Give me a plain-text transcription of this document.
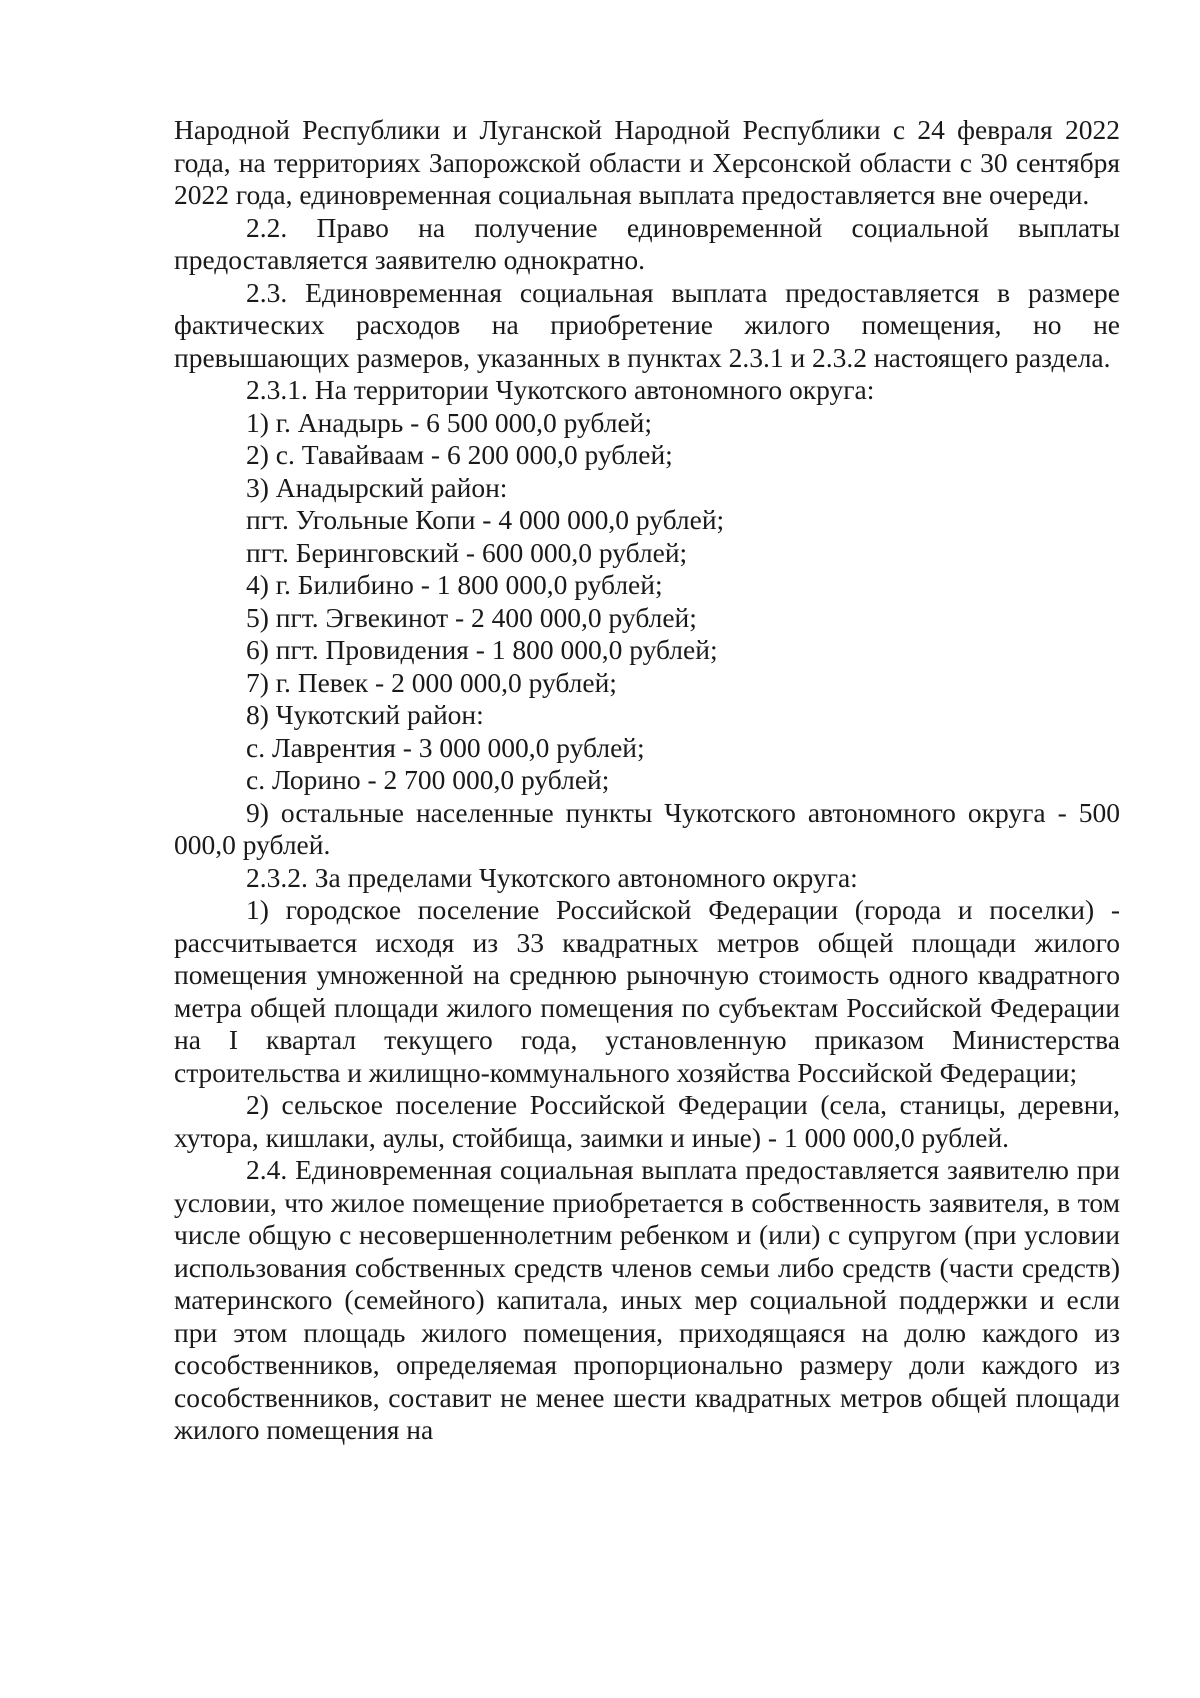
Народной Республики и Луганской Народной Республики с 24 февраля 2022 года, на территориях Запорожской области и Херсонской области с 30 сентября 2022 года, единовременная социальная выплата предоставляется вне очереди.

2.2. Право на получение единовременной социальной выплаты предоставляется заявителю однократно.

2.3. Единовременная социальная выплата предоставляется в размере фактических расходов на приобретение жилого помещения, но не превышающих размеров, указанных в пунктах 2.3.1 и 2.3.2 настоящего раздела.

2.3.1. На территории Чукотского автономного округа:

1) г. Анадырь - 6 500 000,0 рублей;

2) с. Тавайваам - 6 200 000,0 рублей;

3) Анадырский район:

пгт. Угольные Копи - 4 000 000,0 рублей;

пгт. Беринговский - 600 000,0 рублей;

4) г. Билибино - 1 800 000,0 рублей;

5) пгт. Эгвекинот - 2 400 000,0 рублей;

6) пгт. Провидения - 1 800 000,0 рублей;

7) г. Певек - 2 000 000,0 рублей;

8) Чукотский район:

с. Лаврентия - 3 000 000,0 рублей;

с. Лорино - 2 700 000,0 рублей;

9) остальные населенные пункты Чукотского автономного округа - 500 000,0 рублей.

2.3.2. За пределами Чукотского автономного округа:

1) городское поселение Российской Федерации (города и поселки) - рассчитывается исходя из 33 квадратных метров общей площади жилого помещения умноженной на среднюю рыночную стоимость одного квадратного метра общей площади жилого помещения по субъектам Российской Федерации на I квартал текущего года, установленную приказом Министерства строительства и жилищно-коммунального хозяйства Российской Федерации;

2) сельское поселение Российской Федерации (села, станицы, деревни, хутора, кишлаки, аулы, стойбища, заимки и иные) - 1 000 000,0 рублей.

2.4. Единовременная социальная выплата предоставляется заявителю при условии, что жилое помещение приобретается в собственность заявителя, в том числе общую с несовершеннолетним ребенком и (или) с супругом (при условии использования собственных средств членов семьи либо средств (части средств) материнского (семейного) капитала, иных мер социальной поддержки и если при этом площадь жилого помещения, приходящаяся на долю каждого из сособственников, определяемая пропорционально размеру доли каждого из сособственников, составит не менее шести квадратных метров общей площади жилого помещения на
